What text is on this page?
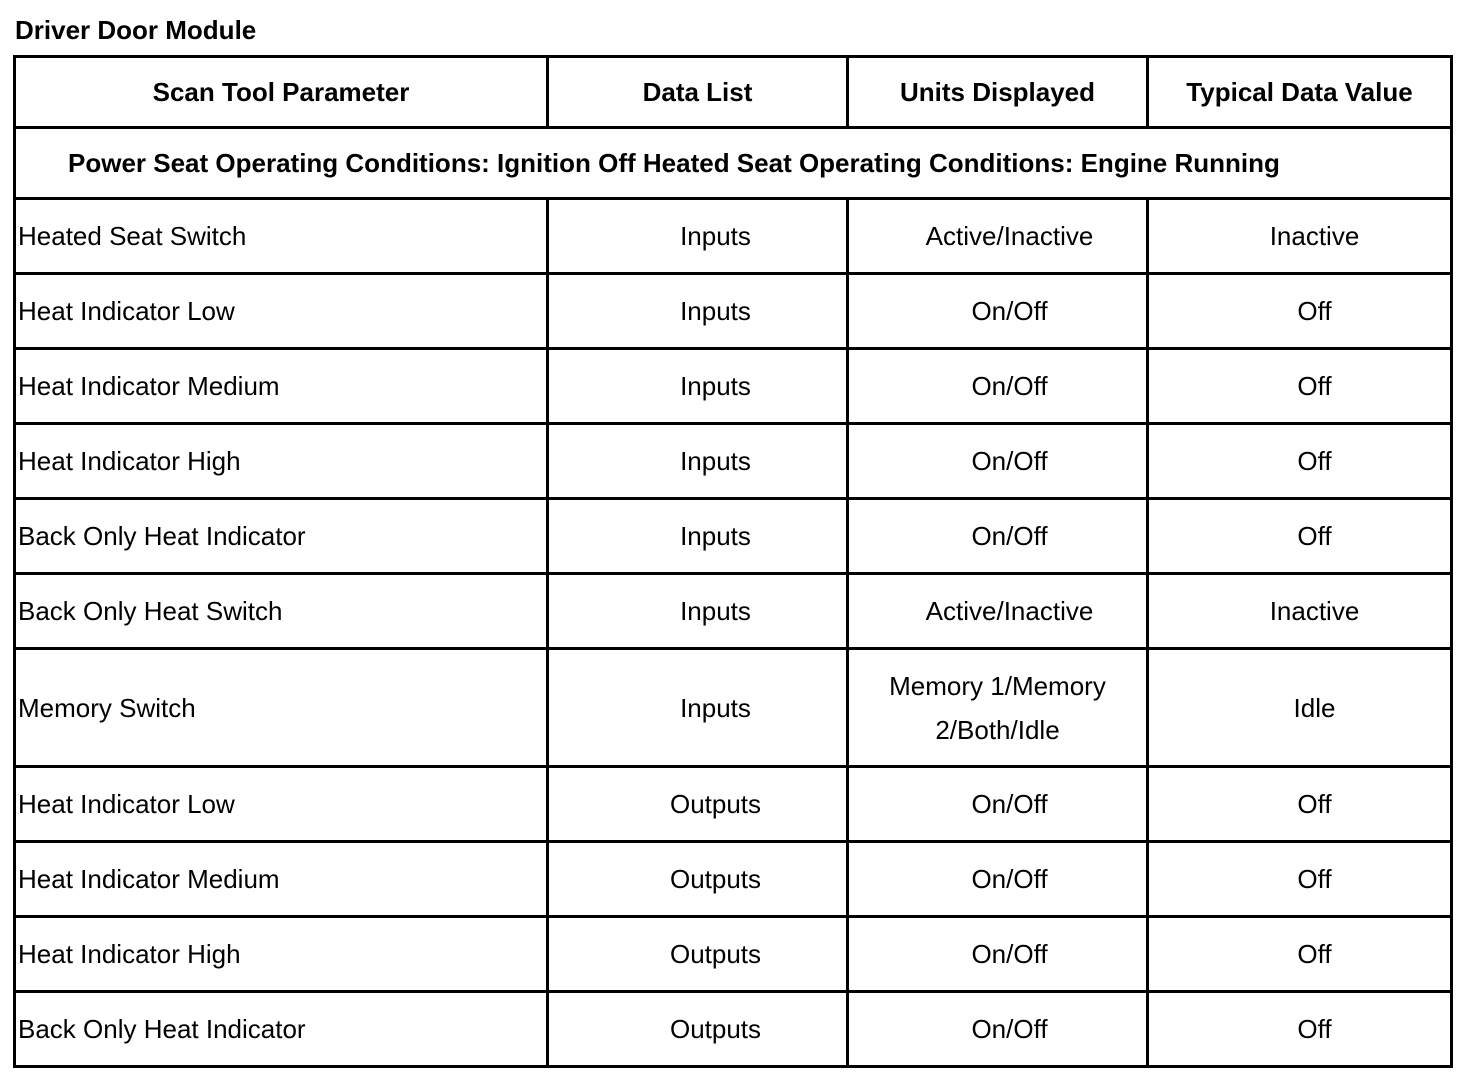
Driver Door Module
Scan Tool Parameter	Data List	Units Displayed	Typical Data Value
Power Seat Operating Conditions: Ignition Off Heated Seat Operating Conditions: Engine Running			
Heated Seat Switch	Inputs	Active/Inactive	Inactive
Heat Indicator Low	Inputs	On/Off	Off
Heat Indicator Medium	Inputs	On/Off	Off
Heat Indicator High	Inputs	On/Off	Off
Back Only Heat Indicator	Inputs	On/Off	Off
Back Only Heat Switch	Inputs	Active/Inactive	Inactive
Memory Switch	Inputs	Memory 1/Memory 2/Both/Idle	Idle
Heat Indicator Low	Outputs	On/Off	Off
Heat Indicator Medium	Outputs	On/Off	Off
Heat Indicator High	Outputs	On/Off	Off
Back Only Heat Indicator	Outputs	On/Off	Off
